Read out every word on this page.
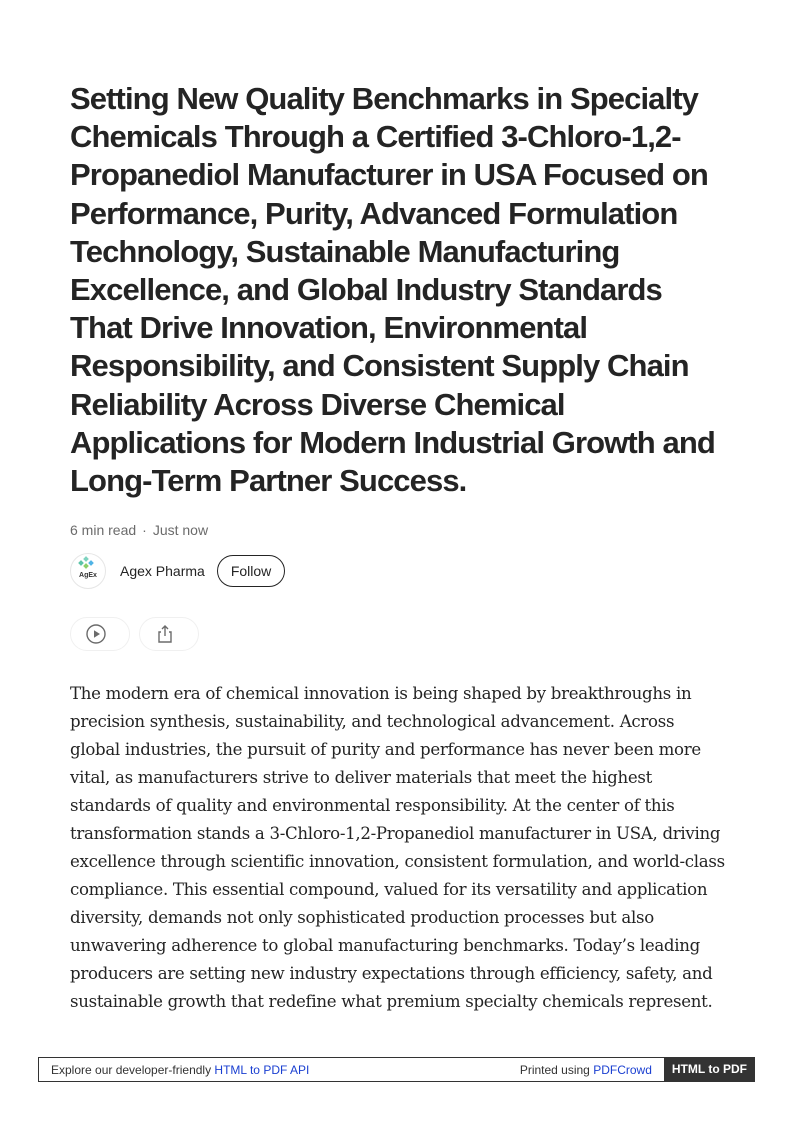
Setting New Quality Benchmarks in Specialty Chemicals Through a Certified 3-Chloro-1,2-Propanediol Manufacturer in USA Focused on Performance, Purity, Advanced Formulation Technology, Sustainable Manufacturing Excellence, and Global Industry Standards That Drive Innovation, Environmental Responsibility, and Consistent Supply Chain Reliability Across Diverse Chemical Applications for Modern Industrial Growth and Long-Term Partner Success.
6 min read · Just now
AgEx	Agex Pharma	Follow

The modern era of chemical innovation is being shaped by breakthroughs in precision synthesis, sustainability, and technological advancement. Across global industries, the pursuit of purity and performance has never been more vital, as manufacturers strive to deliver materials that meet the highest standards of quality and environmental responsibility. At the center of this transformation stands a 3-Chloro-1,2-Propanediol manufacturer in USA, driving excellence through scientific innovation, consistent formulation, and world-class compliance. This essential compound, valued for its versatility and application diversity, demands not only sophisticated production processes but also unwavering adherence to global manufacturing benchmarks. Today’s leading producers are setting new industry expectations through efficiency, safety, and sustainable growth that redefine what premium specialty chemicals represent.

Explore our developer-friendly HTML to PDF API	Printed using PDFCrowd	HTML to PDF
